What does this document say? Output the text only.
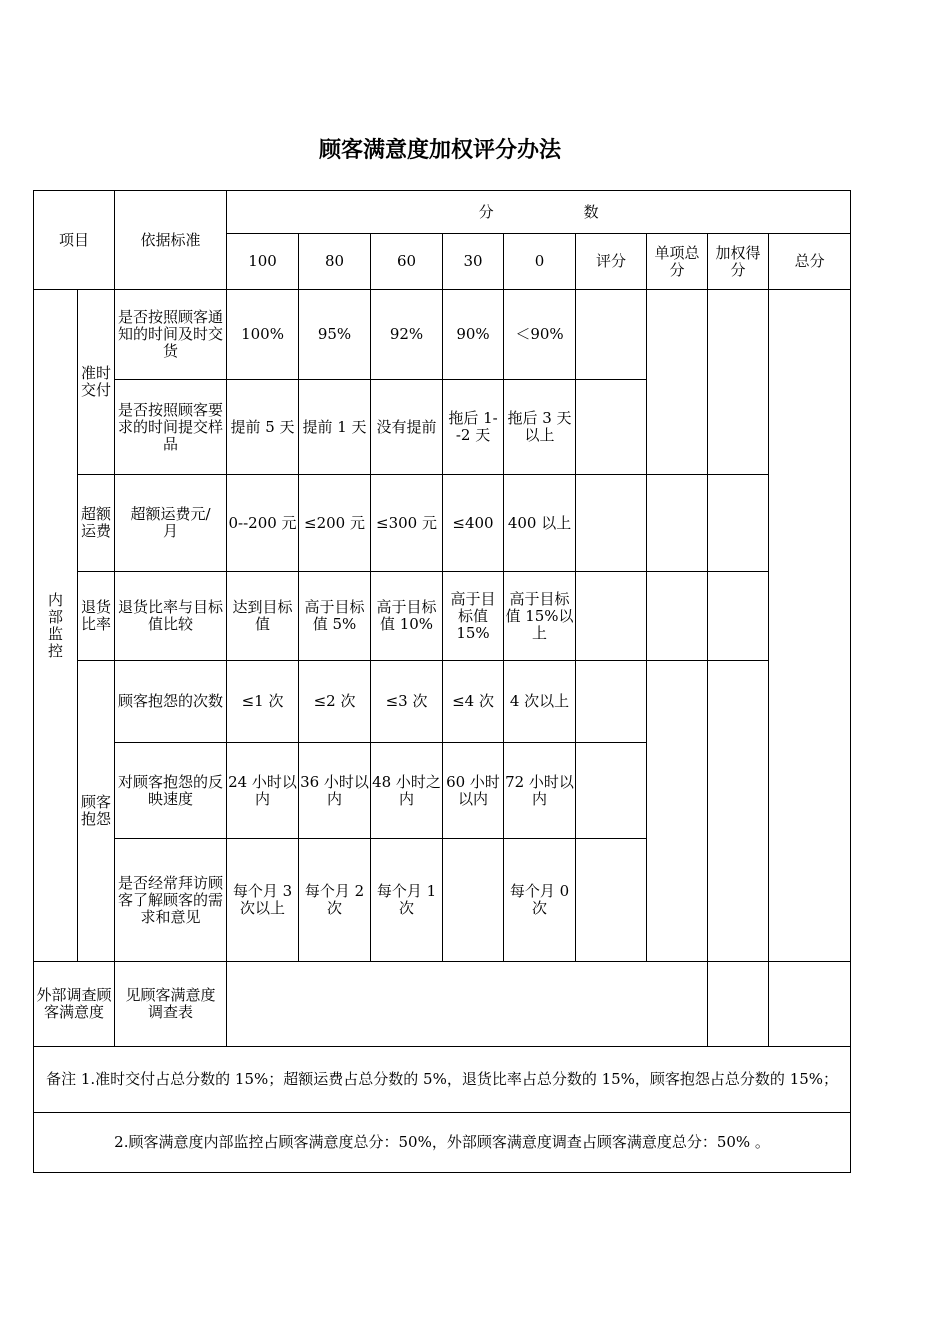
顾客满意度加权评分办法
项目		依据标准	分　　　　　　数								
			100	80	60	30	0	评分	单项总分	加权得分	总分
内部监控	准时交付	是否按照顾客通知的时间及时交货	100%	95%	92%	90%	＜90%				
		是否按照顾客要求的时间提交样品	提前 5 天	提前 1 天	没有提前	拖后 1--2 天	拖后 3 天以上				
	超额运费	超额运费元/月	0--200 元	≤200 元	≤300 元	≤400	400 以上				
	退货比率	退货比率与目标值比较	达到目标值	高于目标值 5%	高于目标值 10%	高于目标值 15%	高于目标值 15%以上				
	顾客抱怨	顾客抱怨的次数	≤1 次	≤2 次	≤3 次	≤4 次	4 次以上				
		对顾客抱怨的反映速度	24 小时以内	36 小时以内	48 小时之内	60 小时以内	72 小时以内				
		是否经常拜访顾客了解顾客的需求和意见	每个月 3 次以上	每个月 2 次	每个月 1 次		每个月 0 次				
外部调查顾客满意度		见顾客满意度调查表									
备注 1.准时交付占总分数的 15%；超额运费占总分数的 5%，退货比率占总分数的 15%，顾客抱怨占总分数的 15%；											
2.顾客满意度内部监控占顾客满意度总分：50%，外部顾客满意度调查占顾客满意度总分：50% 。											
